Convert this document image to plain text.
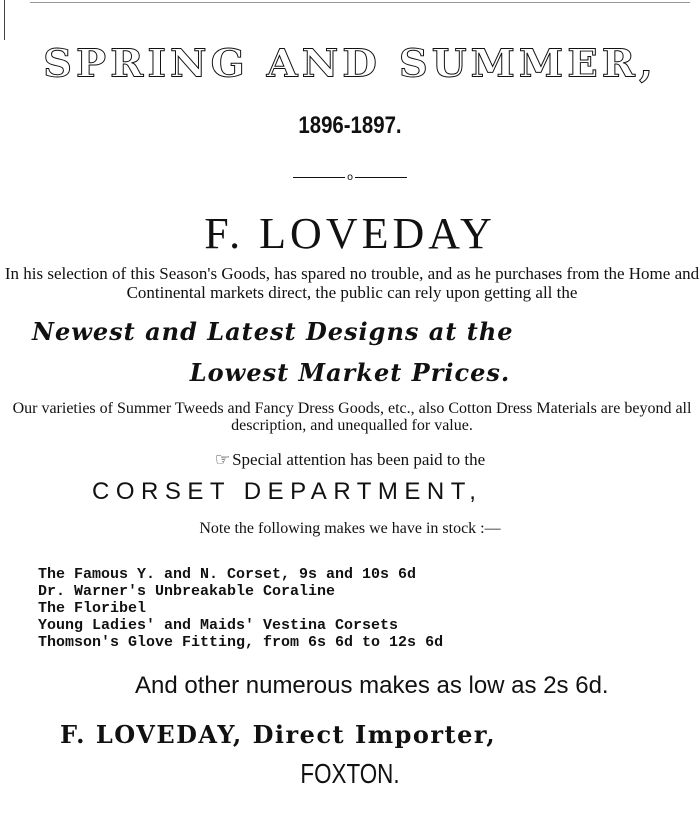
SPRING AND SUMMER,
1896-1897.
o
F. LOVEDAY
In his selection of this Season's Goods, has spared no trouble, and as he purchases from the Home and Continental markets direct, the public can rely upon getting all the
Newest and Latest Designs at the
Lowest Market Prices.
Our varieties of Summer Tweeds and Fancy Dress Goods, etc., also Cotton Dress Materials are beyond all description, and unequalled for value.
☞ Special attention has been paid to the
CORSET DEPARTMENT,
Note the following makes we have in stock :—
The Famous Y. and N. Corset, 9s and 10s 6d
Dr. Warner's Unbreakable Coraline
The Floribel
Young Ladies' and Maids' Vestina Corsets
Thomson's Glove Fitting, from 6s 6d to 12s 6d
And other numerous makes as low as 2s 6d.
F. LOVEDAY, Direct Importer,
FOXTON.
